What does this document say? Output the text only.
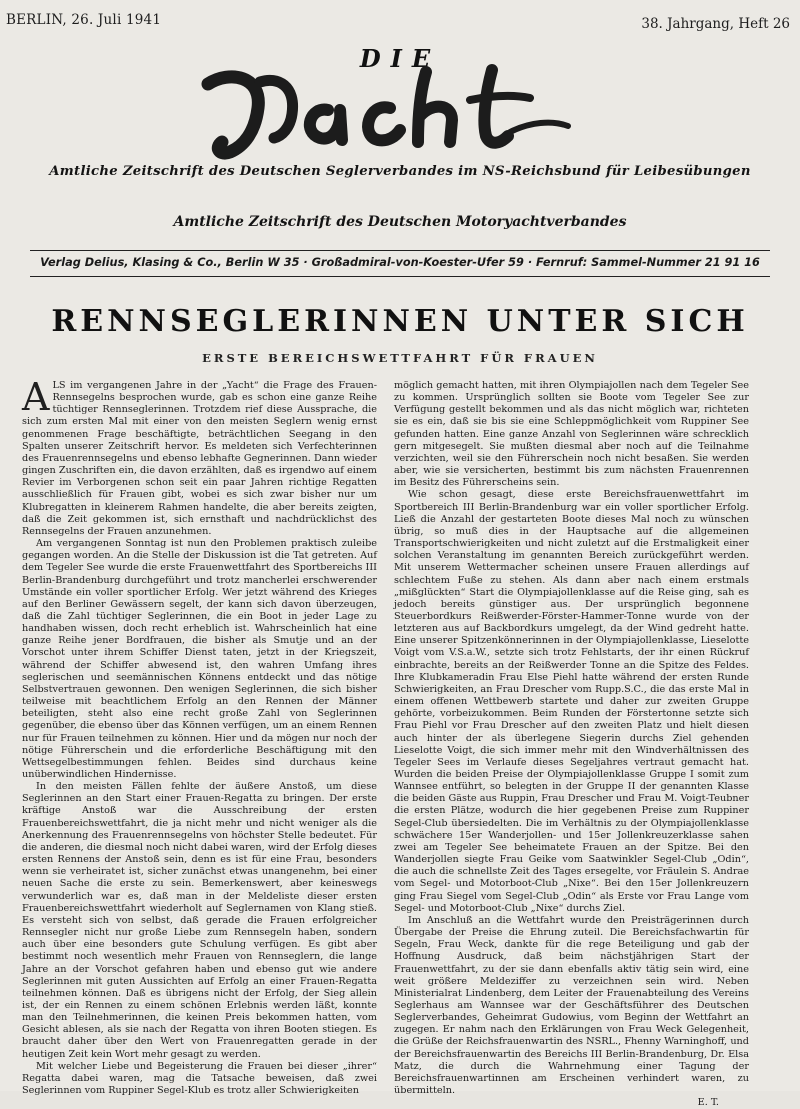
BERLIN, 26. Juli 1941	38. Jahrgang, Heft 26
DIE
Amtliche Zeitschrift des Deutschen Seglerverbandes im NS-Reichsbund für Leibesübungen
Amtliche Zeitschrift des Deutschen Motoryachtverbandes
Verlag Delius, Klasing & Co., Berlin W 35 · Großadmiral-von-Koester-Ufer 59 · Fernruf: Sammel-Nummer 21 91 16
RENNSEGLERINNEN UNTER SICH
ERSTE BEREICHSWETTFAHRT FÜR FRAUEN

ALS im vergangenen Jahre in der „Yacht“ die Frage des Frauen-Rennsegelns besprochen wurde, gab es schon eine ganze Reihe tüchtiger Rennseglerinnen. Trotzdem rief diese Aussprache, die sich zum ersten Mal mit einer von den meisten Seglern wenig ernst genommenen Frage beschäftigte, beträchtlichen Seegang in den Spalten unserer Zeitschrift hervor. Es meldeten sich Verfechterinnen des Frauenrennsegelns und ebenso lebhafte Gegnerinnen. Dann wieder gingen Zuschriften ein, die davon erzählten, daß es irgendwo auf einem Revier im Verborgenen schon seit ein paar Jahren richtige Regatten ausschließlich für Frauen gibt, wobei es sich zwar bisher nur um Klubregatten in kleinerem Rahmen handelte, die aber bereits zeigten, daß die Zeit gekommen ist, sich ernsthaft und nachdrücklichst des Rennsegelns der Frauen anzunehmen.

Am vergangenen Sonntag ist nun den Problemen praktisch zuleibe gegangen worden. An die Stelle der Diskussion ist die Tat getreten. Auf dem Tegeler See wurde die erste Frauenwettfahrt des Sportbereichs III Berlin-Brandenburg durchgeführt und trotz mancherlei erschwerender Umstände ein voller sportlicher Erfolg. Wer jetzt während des Krieges auf den Berliner Gewässern segelt, der kann sich davon überzeugen, daß die Zahl tüchtiger Seglerinnen, die ein Boot in jeder Lage zu handhaben wissen, doch recht erheblich ist. Wahrscheinlich hat eine ganze Reihe jener Bordfrauen, die bisher als Smutje und an der Vorschot unter ihrem Schiffer Dienst taten, jetzt in der Kriegszeit, während der Schiffer abwesend ist, den wahren Umfang ihres seglerischen und seemännischen Könnens entdeckt und das nötige Selbstvertrauen gewonnen. Den wenigen Seglerinnen, die sich bisher teilweise mit beachtlichem Erfolg an den Rennen der Männer beteiligten, steht also eine recht große Zahl von Seglerinnen gegenüber, die ebenso über das Können verfügen, um an einem Rennen nur für Frauen teilnehmen zu können. Hier und da mögen nur noch der nötige Führerschein und die erforderliche Beschäftigung mit den Wettsegelbestimmungen fehlen. Beides sind durchaus keine unüberwindlichen Hindernisse.

In den meisten Fällen fehlte der äußere Anstoß, um diese Seglerinnen an den Start einer Frauen-Regatta zu bringen. Der erste kräftige Anstoß war die Ausschreibung der ersten Frauenbereichswettfahrt, die ja nicht mehr und nicht weniger als die Anerkennung des Frauenrennsegelns von höchster Stelle bedeutet. Für die anderen, die diesmal noch nicht dabei waren, wird der Erfolg dieses ersten Rennens der Anstoß sein, denn es ist für eine Frau, besonders wenn sie verheiratet ist, sicher zunächst etwas unangenehm, bei einer neuen Sache die erste zu sein. Bemerkenswert, aber keineswegs verwunderlich war es, daß man in der Meldeliste dieser ersten Frauenbereichswettfahrt wiederholt auf Seglernamen von Klang stieß. Es versteht sich von selbst, daß gerade die Frauen erfolgreicher Rennsegler nicht nur große Liebe zum Rennsegeln haben, sondern auch über eine besonders gute Schulung verfügen. Es gibt aber bestimmt noch wesentlich mehr Frauen von Rennseglern, die lange Jahre an der Vorschot gefahren haben und ebenso gut wie andere Seglerinnen mit guten Aussichten auf Erfolg an einer Frauen-Regatta teilnehmen können. Daß es übrigens nicht der Erfolg, der Sieg allein ist, der ein Rennen zu einem schönen Erlebnis werden läßt, konnte man den Teilnehmerinnen, die keinen Preis bekommen hatten, vom Gesicht ablesen, als sie nach der Regatta von ihren Booten stiegen. Es braucht daher über den Wert von Frauenregatten gerade in der heutigen Zeit kein Wort mehr gesagt zu werden.

Mit welcher Liebe und Begeisterung die Frauen bei dieser „ihrer“ Regatta dabei waren, mag die Tatsache beweisen, daß zwei Seglerinnen vom Ruppiner Segel-Klub es trotz aller Schwierigkeiten

möglich gemacht hatten, mit ihren Olympiajollen nach dem Tegeler See zu kommen. Ursprünglich sollten sie Boote vom Tegeler See zur Verfügung gestellt bekommen und als das nicht möglich war, richteten sie es ein, daß sie bis sie eine Schleppmöglichkeit vom Ruppiner See gefunden hatten. Eine ganze Anzahl von Seglerinnen wäre schrecklich gern mitgesegelt. Sie mußten diesmal aber noch auf die Teilnahme verzichten, weil sie den Führerschein noch nicht besaßen. Sie werden aber, wie sie versicherten, bestimmt bis zum nächsten Frauenrennen im Besitz des Führerscheins sein.

Wie schon gesagt, diese erste Bereichsfrauenwettfahrt im Sportbereich III Berlin-Brandenburg war ein voller sportlicher Erfolg. Ließ die Anzahl der gestarteten Boote dieses Mal noch zu wünschen übrig, so muß dies in der Hauptsache auf die allgemeinen Transportschwierigkeiten und nicht zuletzt auf die Erstmaligkeit einer solchen Veranstaltung im genannten Bereich zurückgeführt werden. Mit unserem Wettermacher scheinen unsere Frauen allerdings auf schlechtem Fuße zu stehen. Als dann aber nach einem erstmals „mißglückten“ Start die Olympiajollenklasse auf die Reise ging, sah es jedoch bereits günstiger aus. Der ursprünglich begonnene Steuerbordkurs Reißwerder-Förster-Hammer-Tonne wurde von der letzteren aus auf Backbordkurs umgelegt, da der Wind gedreht hatte. Eine unserer Spitzenkönnerinnen in der Olympiajollenklasse, Lieselotte Voigt vom V.S.a.W., setzte sich trotz Fehlstarts, der ihr einen Rückruf einbrachte, bereits an der Reißwerder Tonne an die Spitze des Feldes. Ihre Klubkameradin Frau Else Piehl hatte während der ersten Runde Schwierigkeiten, an Frau Drescher vom Rupp.S.C., die das erste Mal in einem offenen Wettbewerb startete und daher zur zweiten Gruppe gehörte, vorbeizukommen. Beim Runden der Förstertonne setzte sich Frau Piehl vor Frau Drescher auf den zweiten Platz und hielt diesen auch hinter der als überlegene Siegerin durchs Ziel gehenden Lieselotte Voigt, die sich immer mehr mit den Windverhältnissen des Tegeler Sees im Verlaufe dieses Segeljahres vertraut gemacht hat. Wurden die beiden Preise der Olympiajollenklasse Gruppe I somit zum Wannsee entführt, so belegten in der Gruppe II der genannten Klasse die beiden Gäste aus Ruppin, Frau Drescher und Frau M. Voigt-Teubner die ersten Plätze, wodurch die hier gegebenen Preise zum Ruppiner Segel-Club übersiedelten. Die im Verhältnis zu der Olympiajollenklasse schwächere 15er Wanderjollen- und 15er Jollenkreuzerklasse sahen zwei am Tegeler See beheimatete Frauen an der Spitze. Bei den Wanderjollen siegte Frau Geike vom Saatwinkler Segel-Club „Odin“, die auch die schnellste Zeit des Tages ersegelte, vor Fräulein S. Andrae vom Segel- und Motorboot-Club „Nixe“. Bei den 15er Jollenkreuzern ging Frau Siegel vom Segel-Club „Odin“ als Erste vor Frau Lange vom Segel- und Motorboot-Club „Nixe“ durchs Ziel.

Im Anschluß an die Wettfahrt wurde den Preisträgerinnen durch Übergabe der Preise die Ehrung zuteil. Die Bereichsfachwartin für Segeln, Frau Weck, dankte für die rege Beteiligung und gab der Hoffnung Ausdruck, daß beim nächstjährigen Start der Frauenwettfahrt, zu der sie dann ebenfalls aktiv tätig sein wird, eine weit größere Meldeziffer zu verzeichnen sein wird. Neben Ministerialrat Lindenberg, dem Leiter der Frauenabteilung des Vereins Seglerhaus am Wannsee war der Geschäftsführer des Deutschen Seglerverbandes, Geheimrat Gudowius, vom Beginn der Wettfahrt an zugegen. Er nahm nach den Erklärungen von Frau Weck Gelegenheit, die Grüße der Reichsfrauenwartin des NSRL., Fhenny Warninghoff, und der Bereichsfrauenwartin des Bereichs III Berlin-Brandenburg, Dr. Elsa Matz, die durch die Wahrnehmung einer Tagung der Bereichsfrauenwartinnen am Erscheinen verhindert waren, zu übermitteln.

E. T.
